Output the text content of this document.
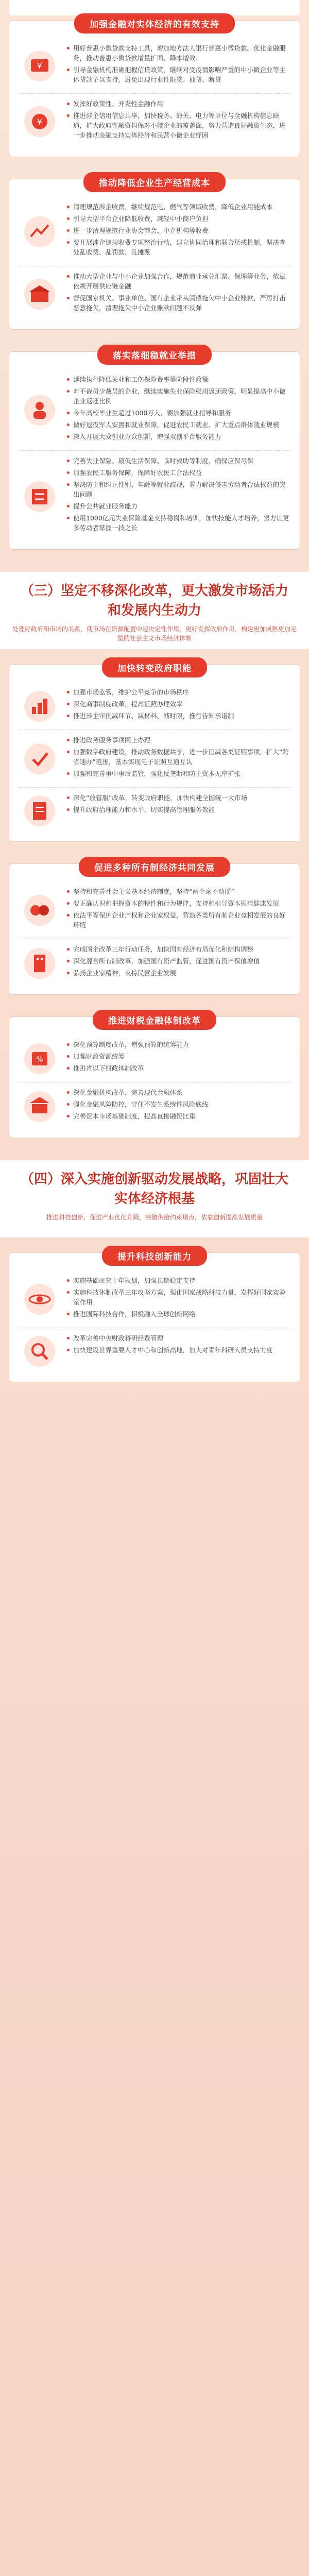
加强金融对实体经济的有效支持
¥
用好普惠小微贷款支持工具，增加地方法人银行普惠小微贷款。优化金融服务，推动普惠小微贷款增量扩面、降本增效
引导金融机构准确把握信贷政策，继续对受疫情影响严重的中小微企业等主体贷款予以支持，避免出现行业性限贷、抽贷、断贷
¥
发挥好政策性、开发性金融作用
推进涉企信用信息共享，加快税务、海关、电力等单位与金融机构信息联通，扩大政府性融资担保对小微企业的覆盖面，努力营造良好融资生态，进一步推动金融支持实体经济和民营小微企业纾困
推动降低企业生产经营成本
清理规范涉企收费，继续规范电、燃气等领域收费，降低企业用能成本
引导大型平台企业降低收费，减轻中小商户负担
进一步清理规范行业协会商会、中介机构等收费
要开展涉企违规收费专项整治行动，建立协同治理和联合惩戒机制，坚决查处乱收费、乱罚款、乱摊派
推动大型企业与中小企业加强合作，规范商业承兑汇票、保理等业务，依法依规开展供应链金融
督促国家机关、事业单位、国有企业带头清偿拖欠中小企业账款，严厉打击恶意拖欠，清理拖欠中小企业账款问题不反弹
落实落细稳就业举措
延续执行降低失业和工伤保险费率等阶段性政策
对不裁员少裁员的企业，继续实施失业保险稳岗返还政策，明显提高中小微企业返还比例
今年高校毕业生超过1000万人，要加强就业指导和服务
做好退役军人安置和就业保障，促进农民工就业，扩大重点群体就业规模
深入开展大众创业万众创新，增强双创平台服务能力
完善失业保险、最低生活保障、临时救助等制度，确保应保尽保
加强农民工服务保障，保障好农民工合法权益
坚决防止和纠正性别、年龄等就业歧视，着力解决侵害劳动者合法权益的突出问题
提升公共就业服务能力
使用1000亿元失业保险基金支持稳岗和培训，加快技能人才培养，努力让更多劳动者掌握一技之长
（三）坚定不移深化改革，更大激发市场活力和发展内生动力

处理好政府和市场的关系，使市场在资源配置中起决定性作用，更好发挥政府作用，构建更加成熟更加定型的社会主义市场经济体制

加快转变政府职能
加强市场监管，维护公平竞争的市场秩序
深化商事制度改革，提高证照办理效率
推进涉企审批减环节、减材料、减时限，推行告知承诺制
推进政务服务事项网上办理
加强数字政府建设，推动政务数据共享，进一步压减各类证明事项，扩大“跨省通办”范围，基本实现电子证照互通互认
加强和完善事中事后监管，强化反垄断和防止资本无序扩张
深化“放管服”改革，转变政府职能，加快构建全国统一大市场
提升政府治理能力和水平，切实提高管理服务效能
促进多种所有制经济共同发展
坚持和完善社会主义基本经济制度，坚持“两个毫不动摇”
要正确认识和把握资本的特性和行为规律，支持和引导资本规范健康发展
依法平等保护企业产权和企业家权益，营造各类所有制企业竞相发展的良好环境
完成国企改革三年行动任务，加快国有经济布局优化和结构调整
深化混合所有制改革，加强国有资产监管，促进国有资产保值增值
弘扬企业家精神，支持民营企业发展
推进财税金融体制改革
%
深化预算制度改革，增强预算的统筹能力
加强财政资源统筹
推进省以下财政体制改革
深化金融机构改革，完善现代金融体系
强化金融风险防控，守住不发生系统性风险底线
完善资本市场基础制度，提高直接融资比重
（四）深入实施创新驱动发展战略，巩固壮大实体经济根基

推进科技创新，促进产业优化升级，突破供给约束堵点，依靠创新提高发展质量

提升科技创新能力
实施基础研究十年规划，加强长期稳定支持
实施科技体制改革三年攻坚方案，强化国家战略科技力量，发挥好国家实验室作用
推进国际科技合作，积极融入全球创新网络
改革完善中央财政科研经费管理
加快建设世界重要人才中心和创新高地，加大对青年科研人员支持力度
